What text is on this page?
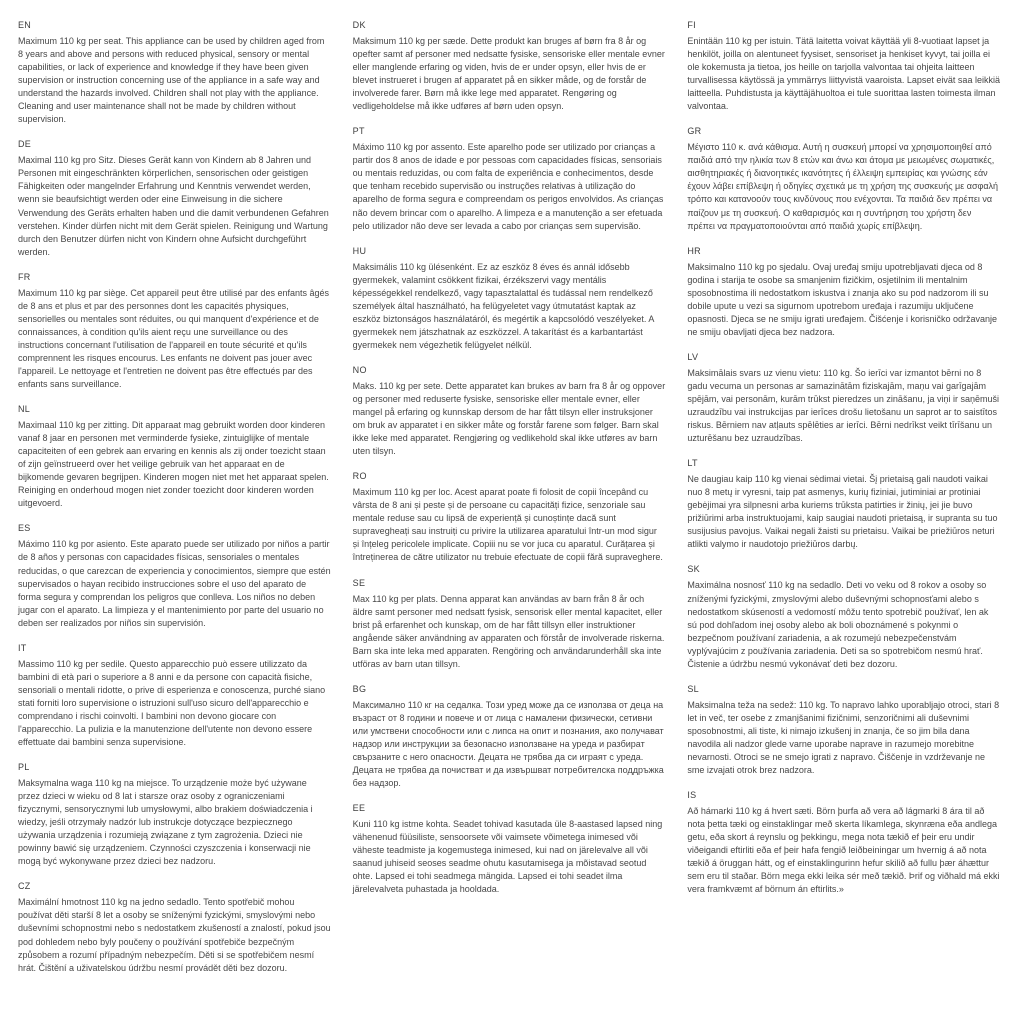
EN

Maximum 110 kg per seat. This appliance can be used by children aged from 8 years and above and persons with reduced physical, sensory or mental capabilities, or lack of experience and knowledge if they have been given supervision or instruction concerning use of the appliance in a safe way and understand the hazards involved. Children shall not play with the appliance. Cleaning and user maintenance shall not be made by children without supervision.

DE

Maximal 110 kg pro Sitz. Dieses Gerät kann von Kindern ab 8 Jahren und Personen mit eingeschränkten körperlichen, sensorischen oder geistigen Fähigkeiten oder mangelnder Erfahrung und Kenntnis verwendet werden, wenn sie beaufsichtigt werden oder eine Einweisung in die sichere Verwendung des Geräts erhalten haben und die damit verbundenen Gefahren verstehen. Kinder dürfen nicht mit dem Gerät spielen. Reinigung und Wartung durch den Benutzer dürfen nicht von Kindern ohne Aufsicht durchgeführt werden.

FR

Maximum 110 kg par siège. Cet appareil peut être utilisé par des enfants âgés de 8 ans et plus et par des personnes dont les capacités physiques, sensorielles ou mentales sont réduites, ou qui manquent d'expérience et de connaissances, à condition qu'ils aient reçu une surveillance ou des instructions concernant l'utilisation de l'appareil en toute sécurité et qu'ils comprennent les risques encourus. Les enfants ne doivent pas jouer avec l'appareil. Le nettoyage et l'entretien ne doivent pas être effectués par des enfants sans surveillance.

NL

Maximaal 110 kg per zitting. Dit apparaat mag gebruikt worden door kinderen vanaf 8 jaar en personen met verminderde fysieke, zintuiglijke of mentale capaciteiten of een gebrek aan ervaring en kennis als zij onder toezicht staan of zijn geïnstrueerd over het veilige gebruik van het apparaat en de bijkomende gevaren begrijpen. Kinderen mogen niet met het apparaat spelen. Reiniging en onderhoud mogen niet zonder toezicht door kinderen worden uitgevoerd.

ES

Máximo 110 kg por asiento. Este aparato puede ser utilizado por niños a partir de 8 años y personas con capacidades físicas, sensoriales o mentales reducidas, o que carezcan de experiencia y conocimientos, siempre que estén supervisados o hayan recibido instrucciones sobre el uso del aparato de forma segura y comprendan los peligros que conlleva. Los niños no deben jugar con el aparato. La limpieza y el mantenimiento por parte del usuario no deben ser realizados por niños sin supervisión.

IT

Massimo 110 kg per sedile. Questo apparecchio può essere utilizzato da bambini di età pari o superiore a 8 anni e da persone con capacità fisiche, sensoriali o mentali ridotte, o prive di esperienza e conoscenza, purché siano stati forniti loro supervisione o istruzioni sull'uso sicuro dell'apparecchio e comprendano i rischi coinvolti. I bambini non devono giocare con l'apparecchio. La pulizia e la manutenzione dell'utente non devono essere effettuate dai bambini senza supervisione.

PL

Maksymalna waga 110 kg na miejsce. To urządzenie może być używane przez dzieci w wieku od 8 lat i starsze oraz osoby z ograniczeniami fizycznymi, sensorycznymi lub umysłowymi, albo brakiem doświadczenia i wiedzy, jeśli otrzymały nadzór lub instrukcje dotyczące bezpiecznego używania urządzenia i rozumieją związane z tym zagrożenia. Dzieci nie powinny bawić się urządzeniem. Czynności czyszczenia i konserwacji nie mogą być wykonywane przez dzieci bez nadzoru.

CZ

Maximální hmotnost 110 kg na jedno sedadlo. Tento spotřebič mohou používat děti starší 8 let a osoby se sníženými fyzickými, smyslovými nebo duševními schopnostmi nebo s nedostatkem zkušeností a znalostí, pokud jsou pod dohledem nebo byly poučeny o používání spotřebiče bezpečným způsobem a rozumí případným nebezpečím. Děti si se spotřebičem nesmí hrát. Čištění a uživatelskou údržbu nesmí provádět děti bez dozoru.

DK

Maksimum 110 kg per sæde. Dette produkt kan bruges af børn fra 8 år og opefter samt af personer med nedsatte fysiske, sensoriske eller mentale evner eller manglende erfaring og viden, hvis de er under opsyn, eller hvis de er blevet instrueret i brugen af apparatet på en sikker måde, og de forstår de involverede farer. Børn må ikke lege med apparatet. Rengøring og vedligeholdelse må ikke udføres af børn uden opsyn.

PT

Máximo 110 kg por assento. Este aparelho pode ser utilizado por crianças a partir dos 8 anos de idade e por pessoas com capacidades físicas, sensoriais ou mentais reduzidas, ou com falta de experiência e conhecimentos, desde que tenham recebido supervisão ou instruções relativas à utilização do aparelho de forma segura e compreendam os perigos envolvidos. As crianças não devem brincar com o aparelho. A limpeza e a manutenção a ser efetuada pelo utilizador não deve ser levada a cabo por crianças sem supervisão.

HU

Maksimális 110 kg ülésenként. Ez az eszköz 8 éves és annál idősebb gyermekek, valamint csökkent fizikai, érzékszervi vagy mentális képességekkel rendelkező, vagy tapasztalattal és tudással nem rendelkező személyek által használható, ha felügyeletet vagy útmutatást kaptak az eszköz biztonságos használatáról, és megértik a kapcsolódó veszélyeket. A gyermekek nem játszhatnak az eszközzel. A takarítást és a karbantartást gyermekek nem végezhetik felügyelet nélkül.

NO

Maks. 110 kg per sete. Dette apparatet kan brukes av barn fra 8 år og oppover og personer med reduserte fysiske, sensoriske eller mentale evner, eller mangel på erfaring og kunnskap dersom de har fått tilsyn eller instruksjoner om bruk av apparatet i en sikker måte og forstår farene som følger. Barn skal ikke leke med apparatet. Rengjøring og vedlikehold skal ikke utføres av barn uten tilsyn.

RO

Maximum 110 kg per loc. Acest aparat poate fi folosit de copii începând cu vârsta de 8 ani și peste și de persoane cu capacități fizice, senzoriale sau mentale reduse sau cu lipsă de experiență și cunoștințe dacă sunt supravegheați sau instruiți cu privire la utilizarea aparatului într-un mod sigur și înțeleg pericolele implicate. Copiii nu se vor juca cu aparatul. Curățarea și întreținerea de către utilizator nu trebuie efectuate de copii fără supraveghere.

SE

Max 110 kg per plats. Denna apparat kan användas av barn från 8 år och äldre samt personer med nedsatt fysisk, sensorisk eller mental kapacitet, eller brist på erfarenhet och kunskap, om de har fått tillsyn eller instruktioner angående säker användning av apparaten och förstår de involverade riskerna. Barn ska inte leka med apparaten. Rengöring och användarunderhåll ska inte utföras av barn utan tillsyn.

BG

Максимално 110 кг на седалка. Този уред може да се използва от деца на възраст от 8 години и повече и от лица с намалени физически, сетивни или умствени способности или с липса на опит и познания, ако получават надзор или инструкции за безопасно използване на уреда и разбират свързаните с него опасности. Децата не трябва да си играят с уреда. Децата не трябва да почистват и да извършват потребителска поддръжка без надзор.

EE

Kuni 110 kg istme kohta. Seadet tohivad kasutada üle 8-aastased lapsed ning vähenenud füüsiliste, sensoorsete või vaimsete võimetega inimesed või väheste teadmiste ja kogemustega inimesed, kui nad on järelevalve all või saanud juhiseid seoses seadme ohutu kasutamisega ja mõistavad seotud ohte. Lapsed ei tohi seadmega mängida. Lapsed ei tohi seadet ilma järelevalveta puhastada ja hooldada.

FI

Enintään 110 kg per istuin. Tätä laitetta voivat käyttää yli 8-vuotiaat lapset ja henkilöt, joilla on alentuneet fyysiset, sensoriset ja henkiset kyvyt, tai joilla ei ole kokemusta ja tietoa, jos heille on tarjolla valvontaa tai ohjeita laitteen turvallisessa käytössä ja ymmärrys liittyvistä vaaroista. Lapset eivät saa leikkiä laitteella. Puhdistusta ja käyttäjähuoltoa ei tule suorittaa lasten toimesta ilman valvontaa.

GR

Μέγιστο 110 κ. ανά κάθισμα. Αυτή η συσκευή μπορεί να χρησιμοποιηθεί από παιδιά από την ηλικία των 8 ετών και άνω και άτομα με μειωμένες σωματικές, αισθητηριακές ή διανοητικές ικανότητες ή έλλειψη εμπειρίας και γνώσης εάν έχουν λάβει επίβλεψη ή οδηγίες σχετικά με τη χρήση της συσκευής με ασφαλή τρόπο και κατανοούν τους κινδύνους που ενέχονται. Τα παιδιά δεν πρέπει να παίζουν με τη συσκευή. Ο καθαρισμός και η συντήρηση του χρήστη δεν πρέπει να πραγματοποιούνται από παιδιά χωρίς επίβλεψη.

HR

Maksimalno 110 kg po sjedalu. Ovaj uređaj smiju upotrebljavati djeca od 8 godina i starija te osobe sa smanjenim fizičkim, osjetilnim ili mentalnim sposobnostima ili nedostatkom iskustva i znanja ako su pod nadzorom ili su dobile upute u vezi sa sigurnom upotrebom uređaja i razumiju uključene opasnosti. Djeca se ne smiju igrati uređajem. Čišćenje i korisničko održavanje ne smiju obavljati djeca bez nadzora.

LV

Maksimālais svars uz vienu vietu: 110 kg. Šo ierīci var izmantot bērni no 8 gadu vecuma un personas ar samazinātām fiziskajām, maņu vai garīgajām spējām, vai personām, kurām trūkst pieredzes un zināšanu, ja viņi ir saņēmuši uzraudzību vai instrukcijas par ierīces drošu lietošanu un saprot ar to saistītos riskus. Bērniem nav atļauts spēlēties ar ierīci. Bērni nedrīkst veikt tīrīšanu un uzturēšanu bez uzraudzības.

LT

Ne daugiau kaip 110 kg vienai sėdimai vietai. Šį prietaisą gali naudoti vaikai nuo 8 metų ir vyresni, taip pat asmenys, kurių fiziniai, jutiminiai ar protiniai gebėjimai yra silpnesni arba kuriems trūksta patirties ir žinių, jei jie buvo prižiūrimi arba instruktuojami, kaip saugiai naudoti prietaisą, ir supranta su tuo susijusius pavojus. Vaikai negali žaisti su prietaisu. Vaikai be priežiūros neturi atlikti valymo ir naudotojo priežiūros darbų.

SK

Maximálna nosnosť 110 kg na sedadlo. Deti vo veku od 8 rokov a osoby so zníženými fyzickými, zmyslovými alebo duševnými schopnosťami alebo s nedostatkom skúseností a vedomostí môžu tento spotrebič používať, len ak sú pod dohľadom inej osoby alebo ak boli oboznámené s pokynmi o bezpečnom používaní zariadenia, a ak rozumejú nebezpečenstvám vyplývajúcim z používania zariadenia. Deti sa so spotrebičom nesmú hrať. Čistenie a údržbu nesmú vykonávať deti bez dozoru.

SL

Maksimalna teža na sedež: 110 kg. To napravo lahko uporabljajo otroci, stari 8 let in več, ter osebe z zmanjšanimi fizičnimi, senzoričnimi ali duševnimi sposobnostmi, ali tiste, ki nimajo izkušenj in znanja, če so jim bila dana navodila ali nadzor glede varne uporabe naprave in razumejo morebitne nevarnosti. Otroci se ne smejo igrati z napravo. Čiščenje in vzdrževanje ne sme izvajati otrok brez nadzora.

IS

Að hámarki 110 kg á hvert sæti. Börn þurfa að vera að lágmarki 8 ára til að nota þetta tæki og einstaklingar með skerta líkamlega, skynræna eða andlega getu, eða skort á reynslu og þekkingu, mega nota tækið ef þeir eru undir viðeigandi eftirliti eða ef þeir hafa fengið leiðbeiningar um hvernig á að nota tækið á öruggan hátt, og ef einstaklingurinn hefur skilið að fullu þær áhættur sem eru til staðar. Börn mega ekki leika sér með tækið. Þrif og viðhald má ekki vera framkvæmt af börnum án eftirlits.»
